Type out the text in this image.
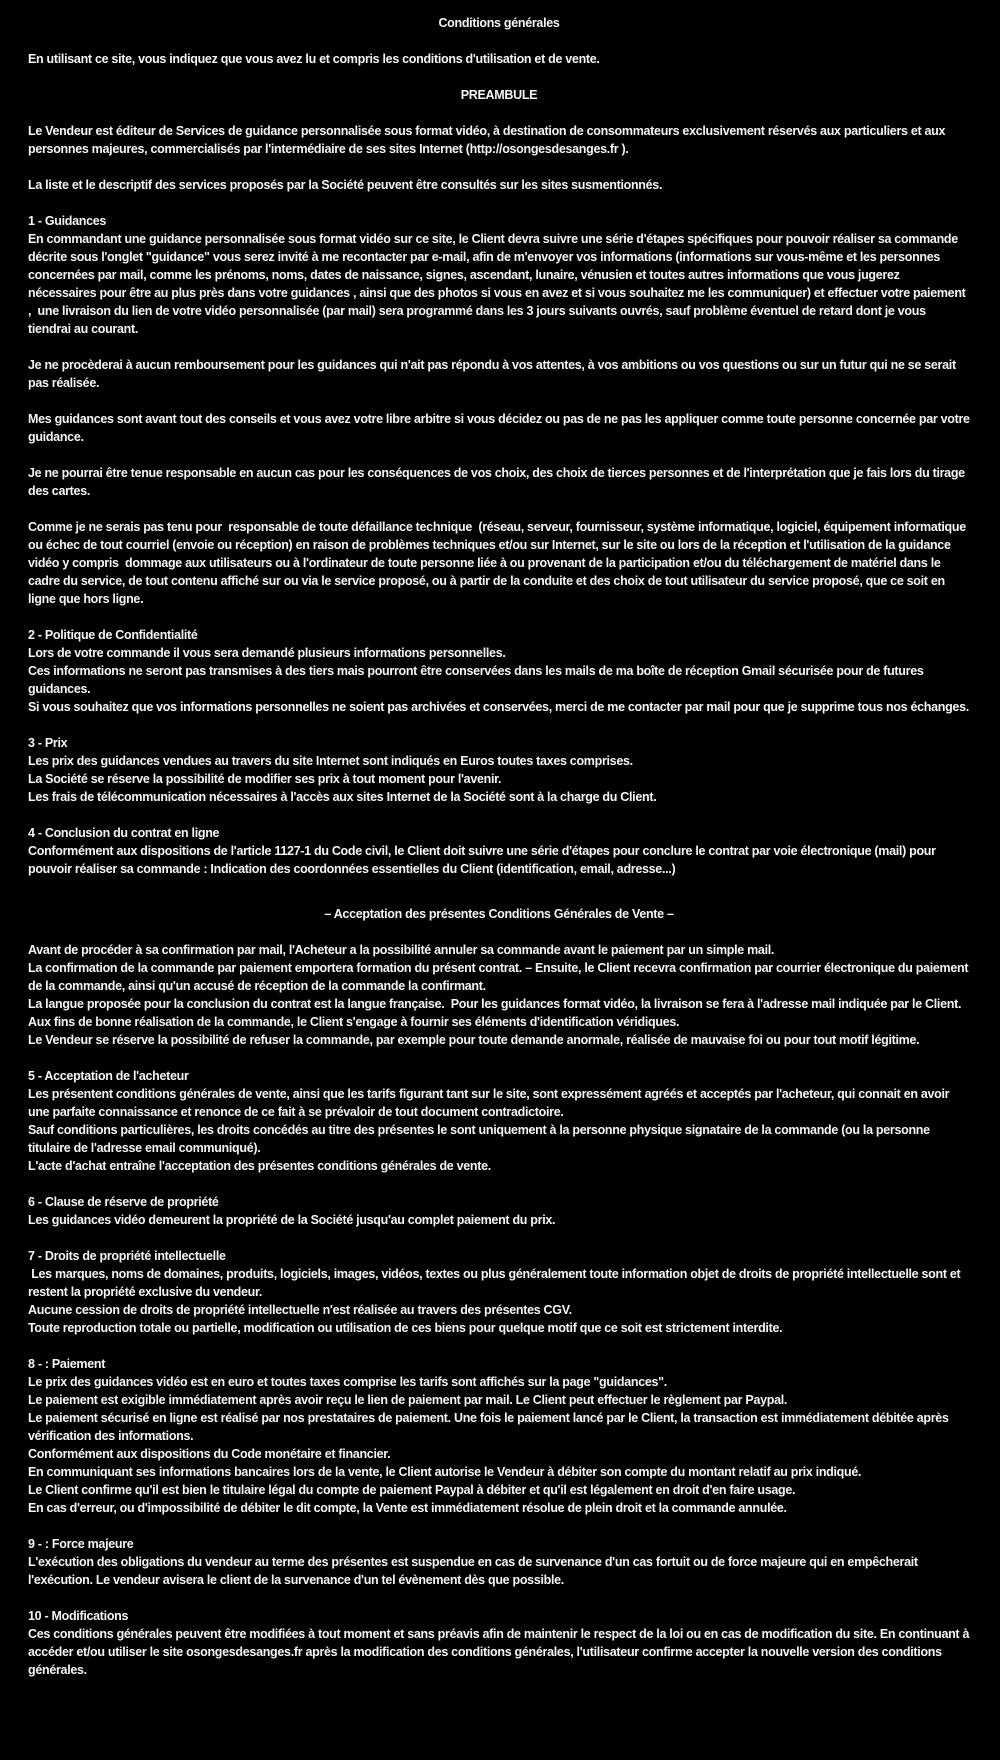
Conditions générales
En utilisant ce site, vous indiquez que vous avez lu et compris les conditions d'utilisation et de vente.
PREAMBULE
Le Vendeur est éditeur de Services de guidance personnalisée sous format vidéo, à destination de consommateurs exclusivement réservés aux particuliers et aux personnes majeures, commercialisés par l'intermédiaire de ses sites Internet (http://osongesdesanges.fr ).
La liste et le descriptif des services proposés par la Société peuvent être consultés sur les sites susmentionnés.
1 - Guidances
En commandant une guidance personnalisée sous format vidéo sur ce site, le Client devra suivre une série d'étapes spécifiques pour pouvoir réaliser sa commande décrite sous l'onglet "guidance" vous serez invité à me recontacter par e-mail, afin de m'envoyer vos informations (informations sur vous-même et les personnes concernées par mail, comme les prénoms, noms, dates de naissance, signes, ascendant, lunaire, vénusien et toutes autres informations que vous jugerez nécessaires pour être au plus près dans votre guidances , ainsi que des photos si vous en avez et si vous souhaitez me les communiquer) et effectuer votre paiement ,  une livraison du lien de votre vidéo personnalisée (par mail) sera programmé dans les 3 jours suivants ouvrés, sauf problème éventuel de retard dont je vous tiendrai au courant.
Je ne procèderai à aucun remboursement pour les guidances qui n'ait pas répondu à vos attentes, à vos ambitions ou vos questions ou sur un futur qui ne se serait pas réalisée.
Mes guidances sont avant tout des conseils et vous avez votre libre arbitre si vous décidez ou pas de ne pas les appliquer comme toute personne concernée par votre guidance.
Je ne pourrai être tenue responsable en aucun cas pour les conséquences de vos choix, des choix de tierces personnes et de l'interprétation que je fais lors du tirage des cartes.
Comme je ne serais pas tenu pour  responsable de toute défaillance technique  (réseau, serveur, fournisseur, système informatique, logiciel, équipement informatique ou échec de tout courriel (envoie ou réception) en raison de problèmes techniques et/ou sur Internet, sur le site ou lors de la réception et l'utilisation de la guidance vidéo y compris  dommage aux utilisateurs ou à l'ordinateur de toute personne liée à ou provenant de la participation et/ou du téléchargement de matériel dans le cadre du service, de tout contenu affiché sur ou via le service proposé, ou à partir de la conduite et des choix de tout utilisateur du service proposé, que ce soit en ligne que hors ligne.
2 - Politique de Confidentialité
Lors de votre commande il vous sera demandé plusieurs informations personnelles.
Ces informations ne seront pas transmises à des tiers mais pourront être conservées dans les mails de ma boîte de réception Gmail sécurisée pour de futures guidances.
Si vous souhaitez que vos informations personnelles ne soient pas archivées et conservées, merci de me contacter par mail pour que je supprime tous nos échanges.
3 - Prix
Les prix des guidances vendues au travers du site Internet sont indiqués en Euros toutes taxes comprises.
La Société se réserve la possibilité de modifier ses prix à tout moment pour l'avenir.
Les frais de télécommunication nécessaires à l'accès aux sites Internet de la Société sont à la charge du Client.
4 - Conclusion du contrat en ligne
Conformément aux dispositions de l'article 1127-1 du Code civil, le Client doit suivre une série d'étapes pour conclure le contrat par voie électronique (mail) pour pouvoir réaliser sa commande : Indication des coordonnées essentielles du Client (identification, email, adresse...)
– Acceptation des présentes Conditions Générales de Vente –
Avant de procéder à sa confirmation par mail, l'Acheteur a la possibilité annuler sa commande avant le paiement par un simple mail.
La confirmation de la commande par paiement emportera formation du présent contrat. – Ensuite, le Client recevra confirmation par courrier électronique du paiement de la commande, ainsi qu'un accusé de réception de la commande la confirmant.
La langue proposée pour la conclusion du contrat est la langue française.  Pour les guidances format vidéo, la livraison se fera à l'adresse mail indiquée par le Client.
Aux fins de bonne réalisation de la commande, le Client s'engage à fournir ses éléments d'identification véridiques.
Le Vendeur se réserve la possibilité de refuser la commande, par exemple pour toute demande anormale, réalisée de mauvaise foi ou pour tout motif légitime.
5 - Acceptation de l'acheteur
Les présentent conditions générales de vente, ainsi que les tarifs figurant tant sur le site, sont expressément agréés et acceptés par l'acheteur, qui connait en avoir une parfaite connaissance et renonce de ce fait à se prévaloir de tout document contradictoire.
Sauf conditions particulières, les droits concédés au titre des présentes le sont uniquement à la personne physique signataire de la commande (ou la personne titulaire de l'adresse email communiqué).
L'acte d'achat entraîne l'acceptation des présentes conditions générales de vente.
6 - Clause de réserve de propriété
Les guidances vidéo demeurent la propriété de la Société jusqu'au complet paiement du prix.
7 - Droits de propriété intellectuelle
Les marques, noms de domaines, produits, logiciels, images, vidéos, textes ou plus généralement toute information objet de droits de propriété intellectuelle sont et restent la propriété exclusive du vendeur.
Aucune cession de droits de propriété intellectuelle n'est réalisée au travers des présentes CGV.
Toute reproduction totale ou partielle, modification ou utilisation de ces biens pour quelque motif que ce soit est strictement interdite.
8 - : Paiement
Le prix des guidances vidéo est en euro et toutes taxes comprise les tarifs sont affichés sur la page "guidances".
Le paiement est exigible immédiatement après avoir reçu le lien de paiement par mail. Le Client peut effectuer le règlement par Paypal.
Le paiement sécurisé en ligne est réalisé par nos prestataires de paiement. Une fois le paiement lancé par le Client, la transaction est immédiatement débitée après vérification des informations.
Conformément aux dispositions du Code monétaire et financier.
En communiquant ses informations bancaires lors de la vente, le Client autorise le Vendeur à débiter son compte du montant relatif au prix indiqué.
Le Client confirme qu'il est bien le titulaire légal du compte de paiement Paypal à débiter et qu'il est légalement en droit d'en faire usage.
En cas d'erreur, ou d'impossibilité de débiter le dit compte, la Vente est immédiatement résolue de plein droit et la commande annulée.
9 - : Force majeure
L'exécution des obligations du vendeur au terme des présentes est suspendue en cas de survenance d'un cas fortuit ou de force majeure qui en empêcherait l'exécution. Le vendeur avisera le client de la survenance d'un tel évènement dès que possible.
10 - Modifications
Ces conditions générales peuvent être modifiées à tout moment et sans préavis afin de maintenir le respect de la loi ou en cas de modification du site. En continuant à accéder et/ou utiliser le site osongesdesanges.fr après la modification des conditions générales, l'utilisateur confirme accepter la nouvelle version des conditions générales.
